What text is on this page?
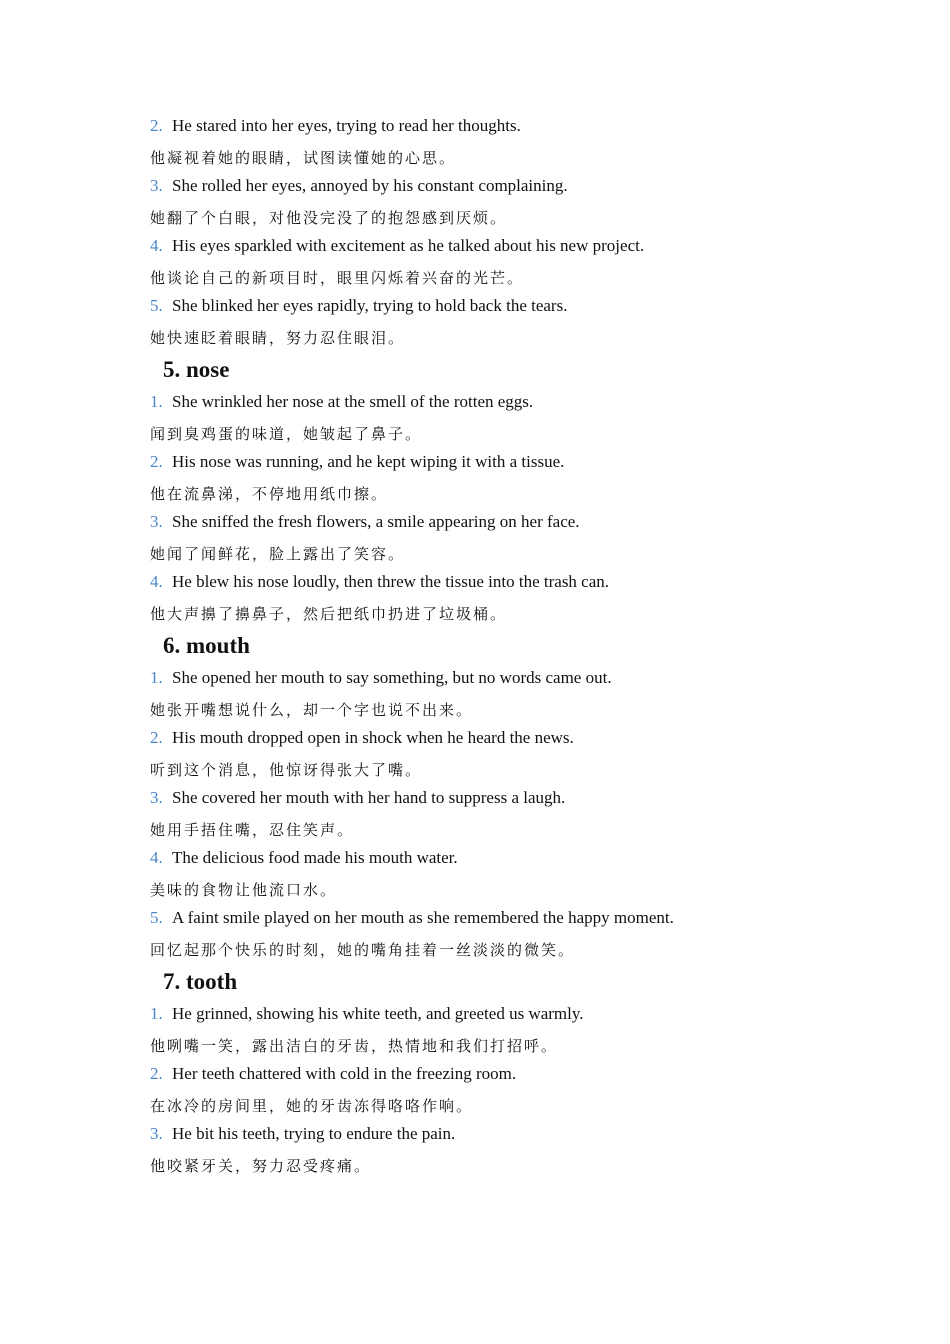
2. He stared into her eyes, trying to read her thoughts.
他凝视着她的眼睛，试图读懂她的心思。
3. She rolled her eyes, annoyed by his constant complaining.
她翻了个白眼，对他没完没了的抱怨感到厌烦。
4. His eyes sparkled with excitement as he talked about his new project.
他谈论自己的新项目时，眼里闪烁着兴奋的光芒。
5. She blinked her eyes rapidly, trying to hold back the tears.
她快速眨着眼睛，努力忍住眼泪。
5. nose
1. She wrinkled her nose at the smell of the rotten eggs.
闻到臭鸡蛋的味道，她皱起了鼻子。
2. His nose was running, and he kept wiping it with a tissue.
他在流鼻涕，不停地用纸巾擦。
3. She sniffed the fresh flowers, a smile appearing on her face.
她闻了闻鲜花，脸上露出了笑容。
4. He blew his nose loudly, then threw the tissue into the trash can.
他大声擤了擤鼻子，然后把纸巾扔进了垃圾桶。
6. mouth
1. She opened her mouth to say something, but no words came out.
她张开嘴想说什么，却一个字也说不出来。
2. His mouth dropped open in shock when he heard the news.
听到这个消息，他惊讶得张大了嘴。
3. She covered her mouth with her hand to suppress a laugh.
她用手捂住嘴，忍住笑声。
4. The delicious food made his mouth water.
美味的食物让他流口水。
5. A faint smile played on her mouth as she remembered the happy moment.
回忆起那个快乐的时刻，她的嘴角挂着一丝淡淡的微笑。
7. tooth
1. He grinned, showing his white teeth, and greeted us warmly.
他咧嘴一笑，露出洁白的牙齿，热情地和我们打招呼。
2. Her teeth chattered with cold in the freezing room.
在冰冷的房间里，她的牙齿冻得咯咯作响。
3. He bit his teeth, trying to endure the pain.
他咬紧牙关，努力忍受疼痛。
